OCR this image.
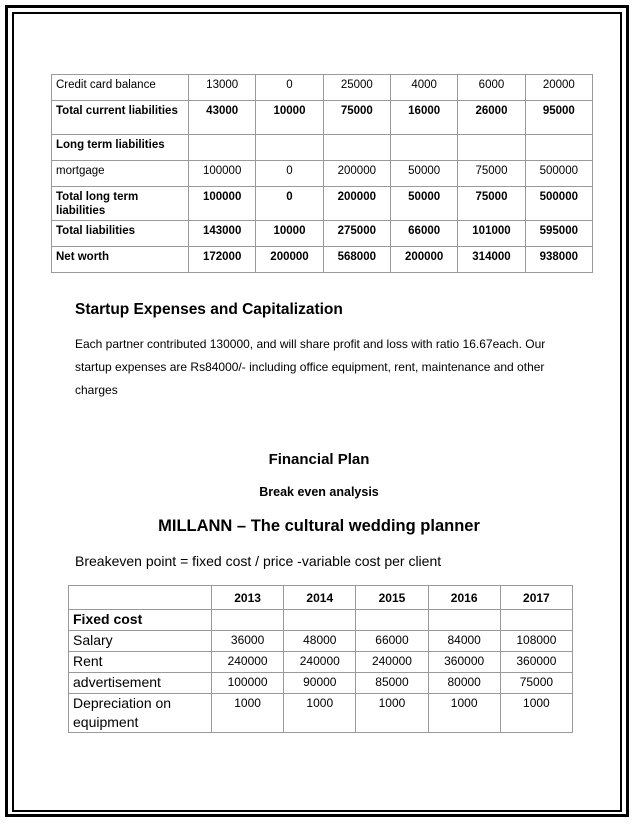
Credit card balance	13000	0	25000	4000	6000	20000
Total current liabilities	43000	10000	75000	16000	26000	95000
Long term liabilities						
mortgage	100000	0	200000	50000	75000	500000
Total long term liabilities	100000	0	200000	50000	75000	500000
Total liabilities	143000	10000	275000	66000	101000	595000
Net worth	172000	200000	568000	200000	314000	938000
Startup Expenses and Capitalization
Each partner contributed 130000, and will share profit and loss with ratio 16.67each. Our startup expenses are Rs84000/- including office equipment, rent, maintenance and other charges
Financial Plan
Break even analysis
MILLANN – The cultural wedding planner
Breakeven point = fixed cost / price -variable cost per client
	2013	2014	2015	2016	2017
Fixed cost					
Salary	36000	48000	66000	84000	108000
Rent	240000	240000	240000	360000	360000
advertisement	100000	90000	85000	80000	75000
Depreciation on equipment	1000	1000	1000	1000	1000
